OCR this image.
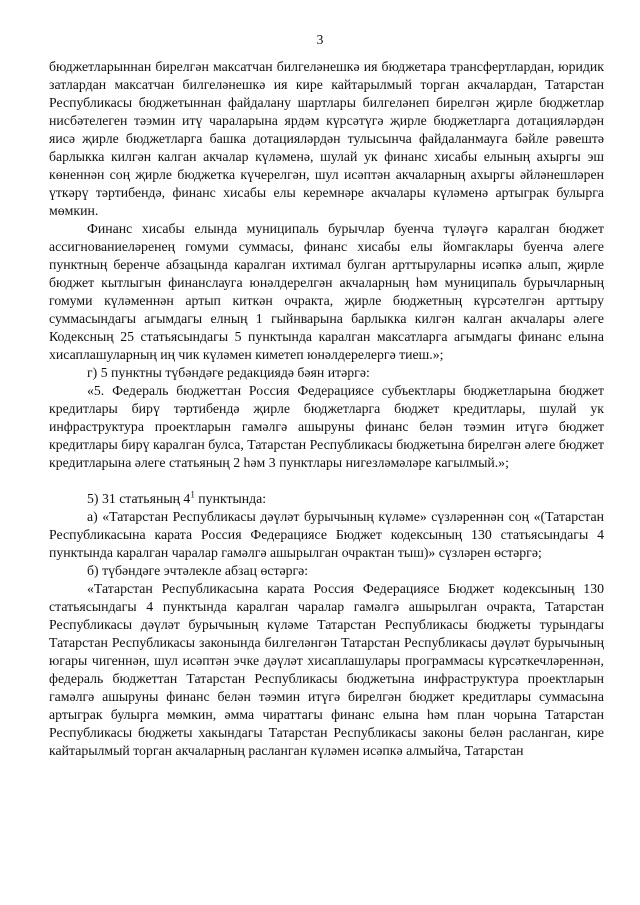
3

бюджетларыннан бирелгән максатчан билгеләнешкә ия бюджетара трансфертлардан, юридик затлардан максатчан билгеләнешкә ия кире кайтарылмый торган акчалардан, Татарстан Республикасы бюджетыннан файдалану шартлары билгеләнеп бирелгән җирле бюджетлар нисбәтелеген тәэмин итү чараларына ярдәм күрсәтүгә җирле бюджетларга дотацияләрдән яисә җирле бюджетларга башка дотацияләрдән тулысынча файдаланмауга бәйле рәвештә барлыкка килгән калган акчалар күләменә, шулай ук финанс хисабы елының ахыргы эш көненнән соң җирле бюджетка күчерелгән, шул исәптән акчаларның ахыргы әйләнешләрен үткәрү тәртибендә, финанс хисабы елы керемнәре акчалары күләменә артыграк булырга мөмкин.

Финанс хисабы елында муниципаль бурычлар буенча түләүгә каралган бюджет ассигнованиеләренең гомуми суммасы, финанс хисабы елы йомгаклары буенча әлеге пунктның беренче абзацында каралган ихтимал булган арттыруларны исәпкә алып, җирле бюджет кытлыгын финанслауга юнәлдерелгән акчаларның һәм муниципаль бурычларның гомуми күләменнән артып киткән очракта, җирле бюджетның күрсәтелгән арттыру суммасындагы агымдагы елның 1 гыйнварына барлыкка килгән калган акчалары әлеге Кодексның 25 статьясындагы 5 пунктында каралган максатларга агымдагы финанс елына хисаплашуларның иң чик күләмен киметеп юнәлдерелергә тиеш.»;

г) 5 пунктны түбәндәге редакциядә бәян итәргә:

«5. Федераль бюджеттан Россия Федерациясе субъектлары бюджетларына бюджет кредитлары бирү тәртибендә җирле бюджетларга бюджет кредитлары, шулай ук инфраструктура проектларын гамәлгә ашыруны финанс белән тәэмин итүгә бюджет кредитлары бирү каралган булса, Татарстан Республикасы бюджетына бирелгән әлеге бюджет кредитларына әлеге статьяның 2 һәм 3 пунктлары нигезләмәләре кагылмый.»;

5) 31 статьяның $4^1$ пунктында:

а) «Татарстан Республикасы дәүләт бурычының күләме» сүзләреннән соң «(Татарстан Республикасына карата Россия Федерациясе Бюджет кодексының 130 статьясындагы 4 пунктында каралган чаралар гамәлгә ашырылган очрактан тыш)» сүзләрен өстәргә;

б) түбәндәге эчтәлекле абзац өстәргә:

«Татарстан Республикасына карата Россия Федерациясе Бюджет кодексының 130 статьясындагы 4 пунктында каралган чаралар гамәлгә ашырылган очракта, Татарстан Республикасы дәүләт бурычының күләме Татарстан Республикасы бюджеты турындагы Татарстан Республикасы законында билгеләнгән Татарстан Республикасы дәүләт бурычының югары чигеннән, шул исәптән эчке дәүләт хисаплашулары программасы күрсәткечләреннән, федераль бюджеттан Татарстан Республикасы бюджетына инфраструктура проектларын гамәлгә ашыруны финанс белән тәэмин итүгә бирелгән бюджет кредитлары суммасына артыграк булырга мөмкин, әмма чираттагы финанс елына һәм план чорына Татарстан Республикасы бюджеты хакындагы Татарстан Республикасы законы белән расланган, кире кайтарылмый торган акчаларның расланган күләмен исәпкә алмыйча, Татарстан
